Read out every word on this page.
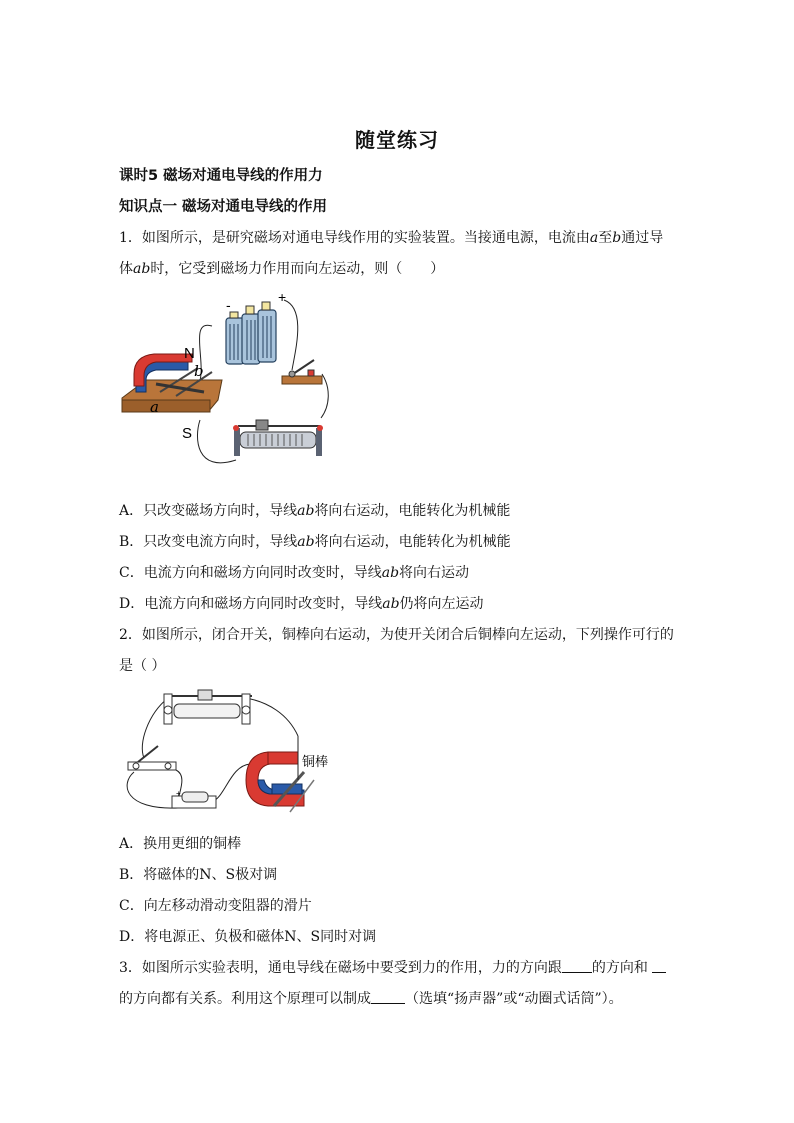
随堂练习
课时5 磁场对通电导线的作用力
知识点一 磁场对通电导线的作用
1．如图所示，是研究磁场对通电导线作用的实验装置。当接通电源，电流由a至b通过导
体ab时，它受到磁场力作用而向左运动，则（　　）
N
b
a
S
-	+
A．只改变磁场方向时，导线ab将向右运动，电能转化为机械能
B．只改变电流方向时，导线ab将向右运动，电能转化为机械能
C．电流方向和磁场方向同时改变时，导线ab将向右运动
D．电流方向和磁场方向同时改变时，导线ab仍将向左运动
2．如图所示，闭合开关，铜棒向右运动，为使开关闭合后铜棒向左运动，下列操作可行的
是（ ）
+
铜棒
A．换用更细的铜棒
B．将磁体的N、S极对调
C．向左移动滑动变阻器的滑片
D．将电源正、负极和磁体N、S同时对调
3．如图所示实验表明，通电导线在磁场中要受到力的作用，力的方向跟 的方向和
的方向都有关系。利用这个原理可以制成 （选填“扬声器”或“动圈式话筒”）。
